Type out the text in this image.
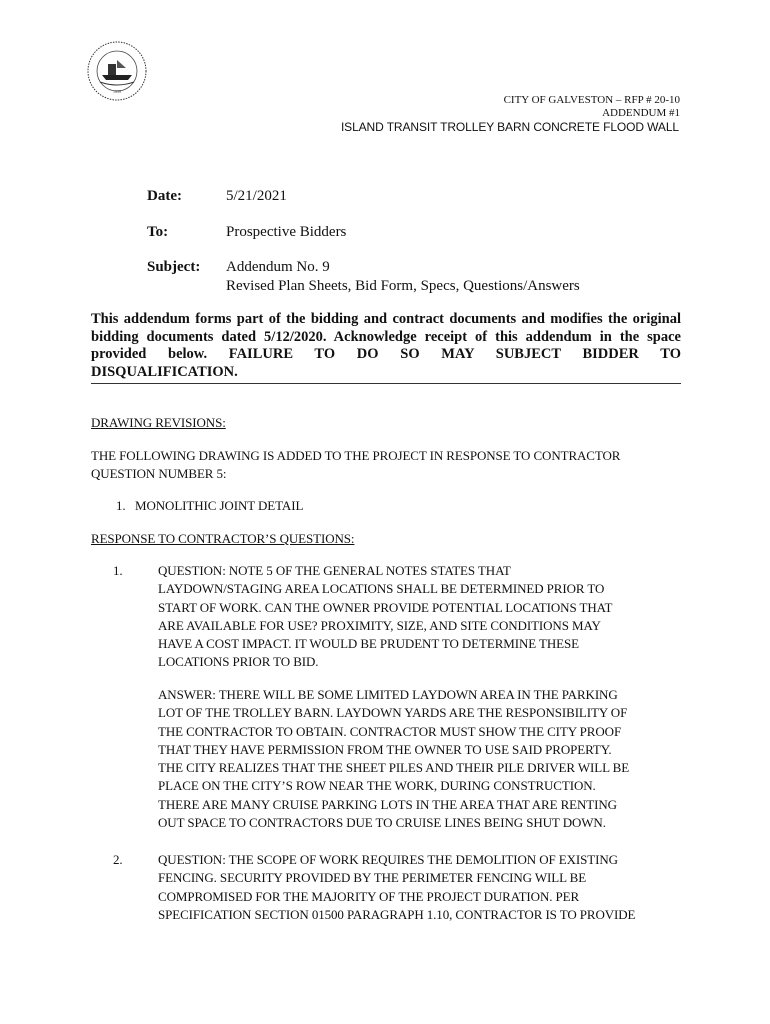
1839
CITY OF GALVESTON – RFP # 20-10
ADDENDUM #1
ISLAND TRANSIT TROLLEY BARN CONCRETE FLOOD WALL
Date:	5/21/2021
To:	Prospective Bidders
Subject: Addendum No. 9
Revised Plan Sheets, Bid Form, Specs, Questions/Answers
This addendum forms part of the bidding and contract documents and modifies the original
bidding documents dated 5/12/2020. Acknowledge receipt of this addendum in the space
provided below. FAILURE TO DO SO MAY SUBJECT BIDDER TO
DISQUALIFICATION.
DRAWING REVISIONS:
THE FOLLOWING DRAWING IS ADDED TO THE PROJECT IN RESPONSE TO CONTRACTOR
QUESTION NUMBER 5:
1. MONOLITHIC JOINT DETAIL
RESPONSE TO CONTRACTOR’S QUESTIONS:
1.	QUESTION: NOTE 5 OF THE GENERAL NOTES STATES THAT
LAYDOWN/STAGING AREA LOCATIONS SHALL BE DETERMINED PRIOR TO
START OF WORK. CAN THE OWNER PROVIDE POTENTIAL LOCATIONS THAT
ARE AVAILABLE FOR USE? PROXIMITY, SIZE, AND SITE CONDITIONS MAY
HAVE A COST IMPACT. IT WOULD BE PRUDENT TO DETERMINE THESE
LOCATIONS PRIOR TO BID.
ANSWER: THERE WILL BE SOME LIMITED LAYDOWN AREA IN THE PARKING
LOT OF THE TROLLEY BARN. LAYDOWN YARDS ARE THE RESPONSIBILITY OF
THE CONTRACTOR TO OBTAIN. CONTRACTOR MUST SHOW THE CITY PROOF
THAT THEY HAVE PERMISSION FROM THE OWNER TO USE SAID PROPERTY.
THE CITY REALIZES THAT THE SHEET PILES AND THEIR PILE DRIVER WILL BE
PLACE ON THE CITY’S ROW NEAR THE WORK, DURING CONSTRUCTION.
THERE ARE MANY CRUISE PARKING LOTS IN THE AREA THAT ARE RENTING
OUT SPACE TO CONTRACTORS DUE TO CRUISE LINES BEING SHUT DOWN.
2.	QUESTION: THE SCOPE OF WORK REQUIRES THE DEMOLITION OF EXISTING
FENCING. SECURITY PROVIDED BY THE PERIMETER FENCING WILL BE
COMPROMISED FOR THE MAJORITY OF THE PROJECT DURATION. PER
SPECIFICATION SECTION 01500 PARAGRAPH 1.10, CONTRACTOR IS TO PROVIDE
